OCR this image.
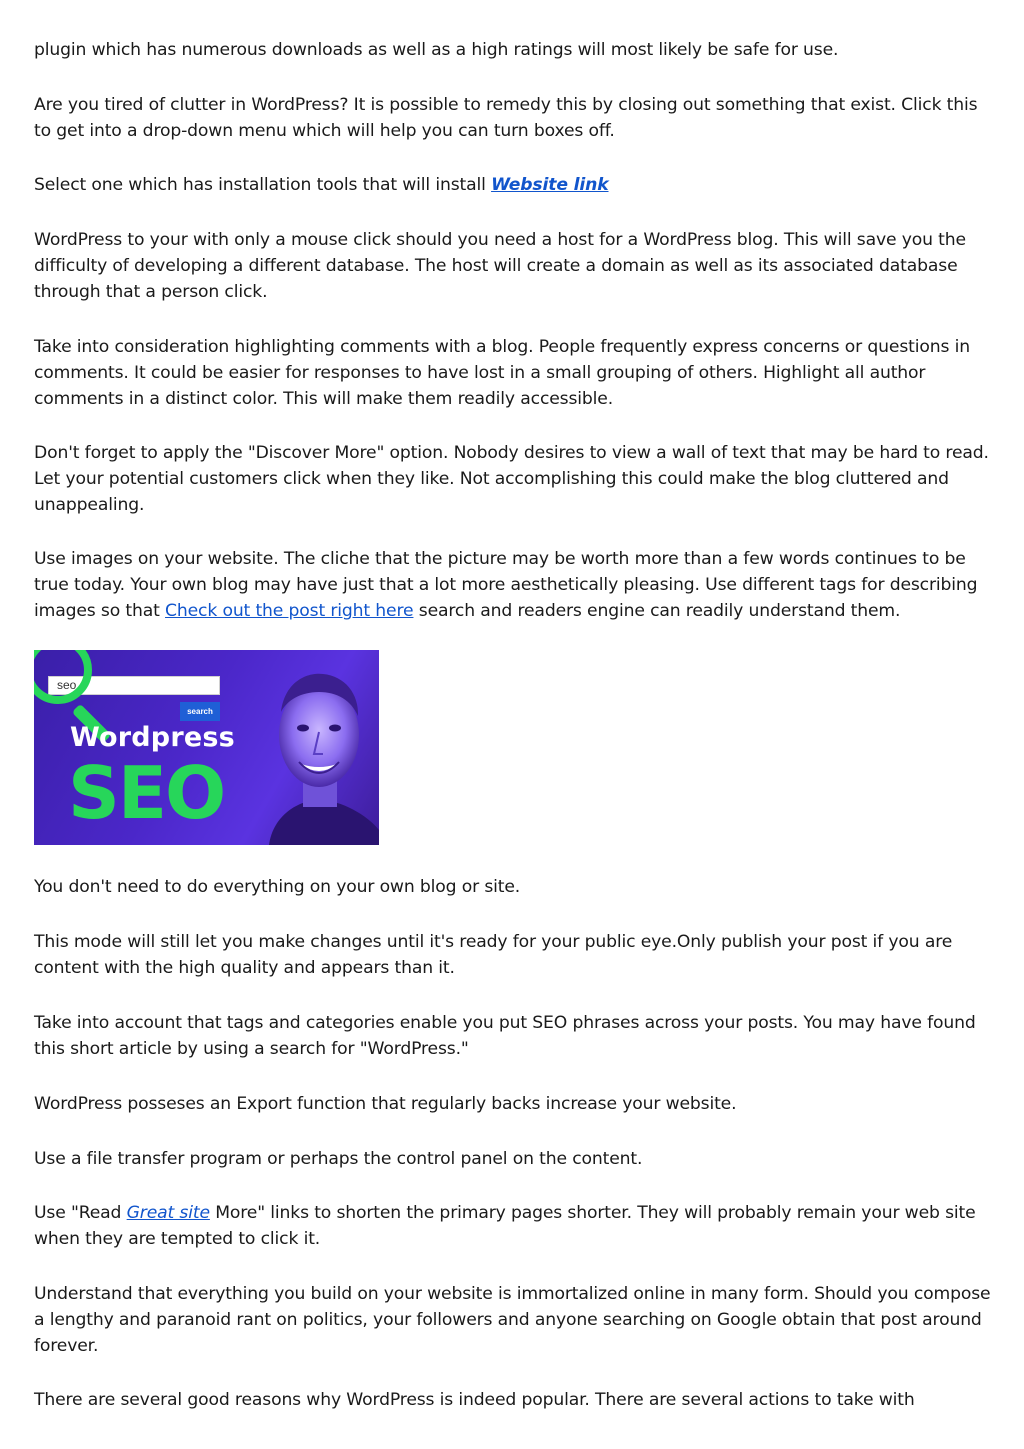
plugin which has numerous downloads as well as a high ratings will most likely be safe for use.

Are you tired of clutter in WordPress? It is possible to remedy this by closing out something that exist. Click this to get into a drop-down menu which will help you can turn boxes off.

Select one which has installation tools that will install Website link

WordPress to your with only a mouse click should you need a host for a WordPress blog. This will save you the difficulty of developing a different database. The host will create a domain as well as its associated database through that a person click.

Take into consideration highlighting comments with a blog. People frequently express concerns or questions in comments. It could be easier for responses to have lost in a small grouping of others. Highlight all author comments in a distinct color. This will make them readily accessible.

Don't forget to apply the "Discover More" option. Nobody desires to view a wall of text that may be hard to read. Let your potential customers click when they like. Not accomplishing this could make the blog cluttered and unappealing.

Use images on your website. The cliche that the picture may be worth more than a few words continues to be true today. Your own blog may have just that a lot more aesthetically pleasing. Use different tags for describing images so that Check out the post right here search and readers engine can readily understand them.

seo
search
Wordpress
SEO

You don't need to do everything on your own blog or site.

This mode will still let you make changes until it's ready for your public eye.Only publish your post if you are content with the high quality and appears than it.

Take into account that tags and categories enable you put SEO phrases across your posts. You may have found this short article by using a search for "WordPress."

WordPress posseses an Export function that regularly backs increase your website.

Use a file transfer program or perhaps the control panel on the content.

Use "Read Great site More" links to shorten the primary pages shorter. They will probably remain your web site when they are tempted to click it.

Understand that everything you build on your website is immortalized online in many form. Should you compose a lengthy and paranoid rant on politics, your followers and anyone searching on Google obtain that post around forever.

There are several good reasons why WordPress is indeed popular. There are several actions to take with
